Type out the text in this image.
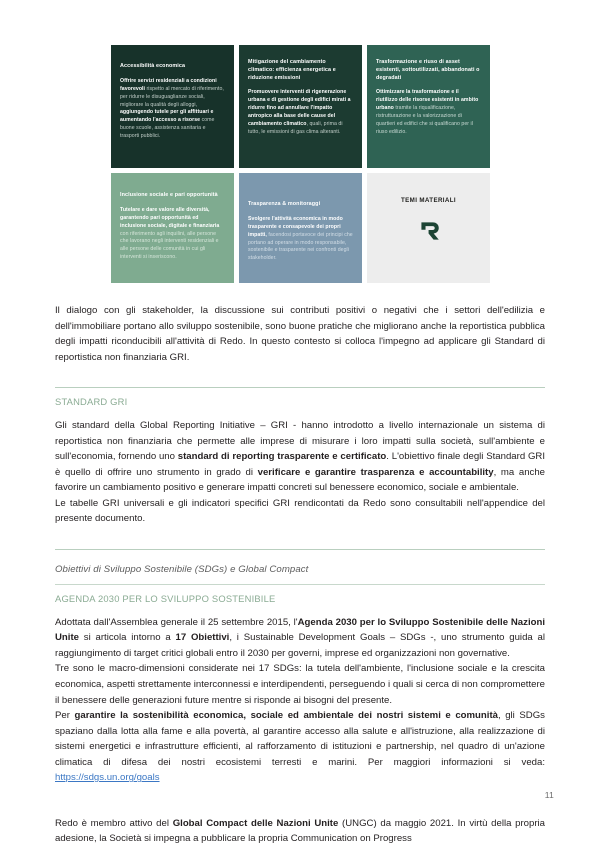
Accessibilità economica

Offrire servizi residenziali a condizioni favorevoli rispetto al mercato di riferimento, per ridurre le disuguaglianze sociali, migliorare la qualità degli alloggi, aggiungendo tutele per gli affittuari e aumentando l'accesso a risorse come buone scuole, assistenza sanitaria e trasporti pubblici.

Mitigazione del cambiamento climatico: efficienza energetica e riduzione emissioni

Promuovere interventi di rigenerazione urbana e di gestione degli edifici mirati a ridurre fino ad annullare l'impatto antropico alla base delle cause del cambiamento climatico, quali, prima di tutto, le emissioni di gas clima alteranti.

Trasformazione e riuso di asset esistenti, sottoutilizzati, abbandonati o degradati

Ottimizzare la trasformazione e il riutilizzo delle risorse esistenti in ambito urbano tramite la riqualificazione, ristrutturazione e la valorizzazione di quartieri ed edifici che si qualificano per il riuso edilizio.

Inclusione sociale e pari opportunità

Tutelare e dare valore alle diversità, garantendo pari opportunità ed inclusione sociale, digitale e finanziaria con riferimento agli inquilini, alle persone che lavorano negli interventi residenziali e alle persone delle comunità in cui gli interventi si inseriscono.

Trasparenza & monitoraggi

Svolgere l'attività economica in modo trasparente e consapevole dei propri impatti, facendosi portavoce dei principi che portano ad operare in modo responsabile, sostenibile e trasparente nei confronti degli stakeholder.

TEMI MATERIALI

Il dialogo con gli stakeholder, la discussione sui contributi positivi o negativi che i settori dell'edilizia e dell'immobiliare portano allo sviluppo sostenibile, sono buone pratiche che migliorano anche la reportistica pubblica degli impatti riconducibili all'attività di Redo. In questo contesto si colloca l'impegno ad applicare gli Standard di reportistica non finanziaria GRI.

STANDARD GRI

Gli standard della Global Reporting Initiative – GRI - hanno introdotto a livello internazionale un sistema di reportistica non finanziaria che permette alle imprese di misurare i loro impatti sulla società, sull'ambiente e sull'economia, fornendo uno standard di reporting trasparente e certificato. L'obiettivo finale degli Standard GRI è quello di offrire uno strumento in grado di verificare e garantire trasparenza e accountability, ma anche favorire un cambiamento positivo e generare impatti concreti sul benessere economico, sociale e ambientale.

Le tabelle GRI universali e gli indicatori specifici GRI rendicontati da Redo sono consultabili nell'appendice del presente documento.

Obiettivi di Sviluppo Sostenibile (SDGs) e Global Compact

AGENDA 2030 PER LO SVILUPPO SOSTENIBILE

Adottata dall'Assemblea generale il 25 settembre 2015, l'Agenda 2030 per lo Sviluppo Sostenibile delle Nazioni Unite si articola intorno a 17 Obiettivi, i Sustainable Development Goals – SDGs -, uno strumento guida al raggiungimento di target critici globali entro il 2030 per governi, imprese ed organizzazioni non governative.

Tre sono le macro-dimensioni considerate nei 17 SDGs: la tutela dell'ambiente, l'inclusione sociale e la crescita economica, aspetti strettamente interconnessi e interdipendenti, perseguendo i quali si cerca di non compromettere il benessere delle generazioni future mentre si risponde ai bisogni del presente.

Per garantire la sostenibilità economica, sociale ed ambientale dei nostri sistemi e comunità, gli SDGs spaziano dalla lotta alla fame e alla povertà, al garantire accesso alla salute e all'istruzione, alla realizzazione di sistemi energetici e infrastrutture efficienti, al rafforzamento di istituzioni e partnership, nel quadro di un'azione climatica di difesa dei nostri ecosistemi terresti e marini. Per maggiori informazioni si veda: https://sdgs.un.org/goals

Redo è membro attivo del Global Compact delle Nazioni Unite (UNGC) da maggio 2021. In virtù della propria adesione, la Società si impegna a pubblicare la propria Communication on Progress

11
